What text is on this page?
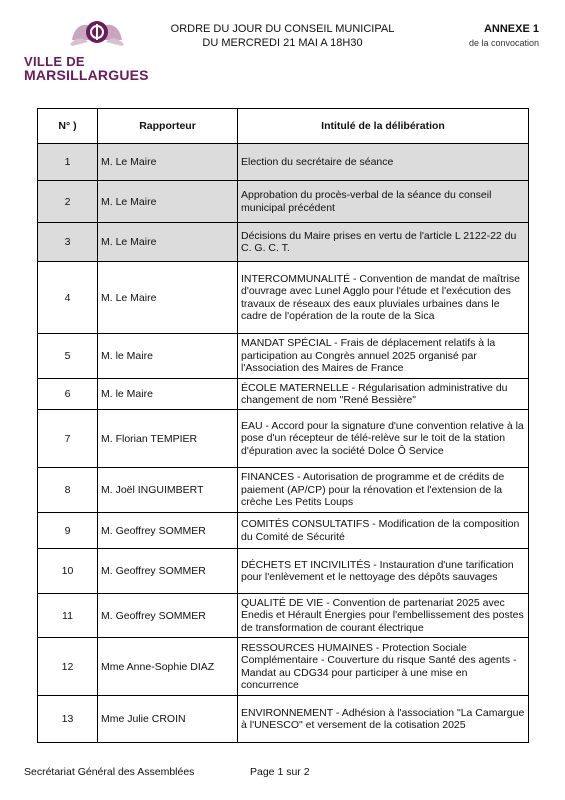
VILLE DE
MARSILLARGUES
ORDRE DU JOUR DU CONSEIL MUNICIPAL
DU MERCREDI 21 MAI A 18H30
ANNEXE 1
de la convocation
N° )	Rapporteur	Intitulé de la délibération
1	M. Le Maire	Election du secrétaire de séance
2	M. Le Maire	Approbation du procès-verbal de la séance du conseil municipal précédent
3	M. Le Maire	Décisions du Maire prises en vertu de l'article L 2122-22 du C. G. C. T.
4	M. Le Maire	INTERCOMMUNALITÉ - Convention de mandat de maîtrise d'ouvrage avec Lunel Agglo pour l'étude et l'exécution des travaux de réseaux des eaux pluviales urbaines dans le cadre de l'opération de la route de la Sica
5	M. le Maire	MANDAT SPÉCIAL - Frais de déplacement relatifs à la participation au Congrès annuel 2025 organisé par l'Association des Maires de France
6	M. le Maire	ÉCOLE MATERNELLE - Régularisation administrative du changement de nom "René Bessière"
7	M. Florian TEMPIER	EAU - Accord pour la signature d'une convention relative à la pose d'un récepteur de télé-relève sur le toit de la station d'épuration avec la société Dolce Ô Service
8	M. Joël INGUIMBERT	FINANCES - Autorisation de programme et de crédits de paiement (AP/CP) pour la rénovation et l'extension de la crèche Les Petits Loups
9	M. Geoffrey SOMMER	COMITÉS CONSULTATIFS - Modification de la composition du Comité de Sécurité
10	M. Geoffrey SOMMER	DÉCHETS ET INCIVILITÉS - Instauration d'une tarification pour l'enlèvement et le nettoyage des dépôts sauvages
11	M. Geoffrey SOMMER	QUALITÉ DE VIE - Convention de partenariat 2025 avec Enedis et Hérault Énergies pour l'embellissement des postes de transformation de courant électrique
12	Mme Anne-Sophie DIAZ	RESSOURCES HUMAINES - Protection Sociale Complémentaire - Couverture du risque Santé des agents - Mandat au CDG34 pour participer à une mise en concurrence
13	Mme Julie CROIN	ENVIRONNEMENT - Adhésion à l'association "La Camargue à l'UNESCO" et versement de la cotisation 2025
Secrétariat Général des Assemblées	Page 1 sur 2
